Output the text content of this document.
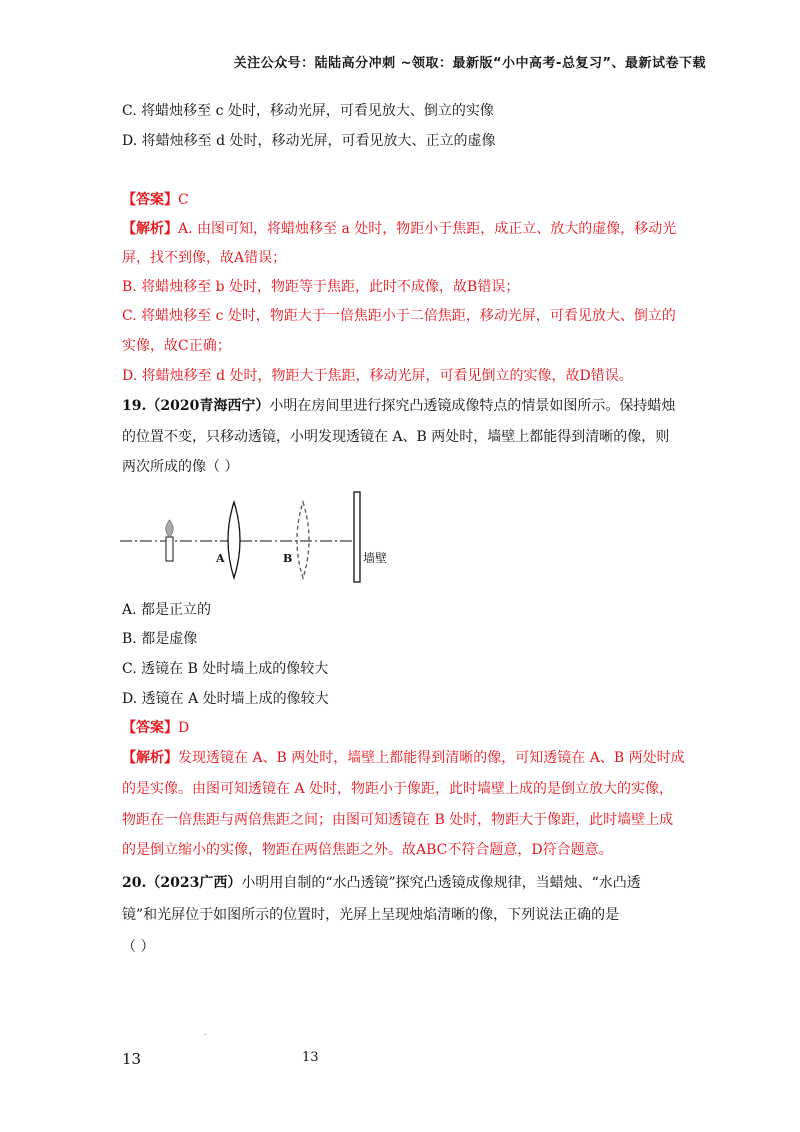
关注公众号：陆陆高分冲刺 ~领取：最新版“小中高考-总复习”、最新试卷下载
C. 将蜡烛移至 c 处时，移动光屏，可看见放大、倒立的实像
D. 将蜡烛移至 d 处时，移动光屏，可看见放大、正立的虚像
【答案】C
【解析】A. 由图可知，将蜡烛移至 a 处时，物距小于焦距，成正立、放大的虚像，移动光
屏，找不到像，故A错误；
B. 将蜡烛移至 b 处时，物距等于焦距，此时不成像，故B错误；
C. 将蜡烛移至 c 处时，物距大于一倍焦距小于二倍焦距，移动光屏，可看见放大、倒立的
实像，故C正确；
D. 将蜡烛移至 d 处时，物距大于焦距，移动光屏，可看见倒立的实像，故D错误。
19.（2020青海西宁）小明在房间里进行探究凸透镜成像特点的情景如图所示。保持蜡烛
的位置不变，只移动透镜，小明发现透镜在 A、B 两处时，墙壁上都能得到清晰的像，则
两次所成的像（ ）
A	B	墙壁
A. 都是正立的
B. 都是虚像
C. 透镜在 B 处时墙上成的像较大
D. 透镜在 A 处时墙上成的像较大
【答案】D
【解析】发现透镜在 A、B 两处时，墙壁上都能得到清晰的像，可知透镜在 A、B 两处时成
的是实像。由图可知透镜在 A 处时，物距小于像距，此时墙壁上成的是倒立放大的实像，
物距在一倍焦距与两倍焦距之间；由图可知透镜在 B 处时，物距大于像距，此时墙壁上成
的是倒立缩小的实像，物距在两倍焦距之外。故ABC不符合题意，D符合题意。
20.（2023广西）小明用自制的“水凸透镜”探究凸透镜成像规律，当蜡烛、“水凸透
镜”和光屏位于如图所示的位置时，光屏上呈现烛焰清晰的像，下列说法正确的是
（ ）
.
13	13
